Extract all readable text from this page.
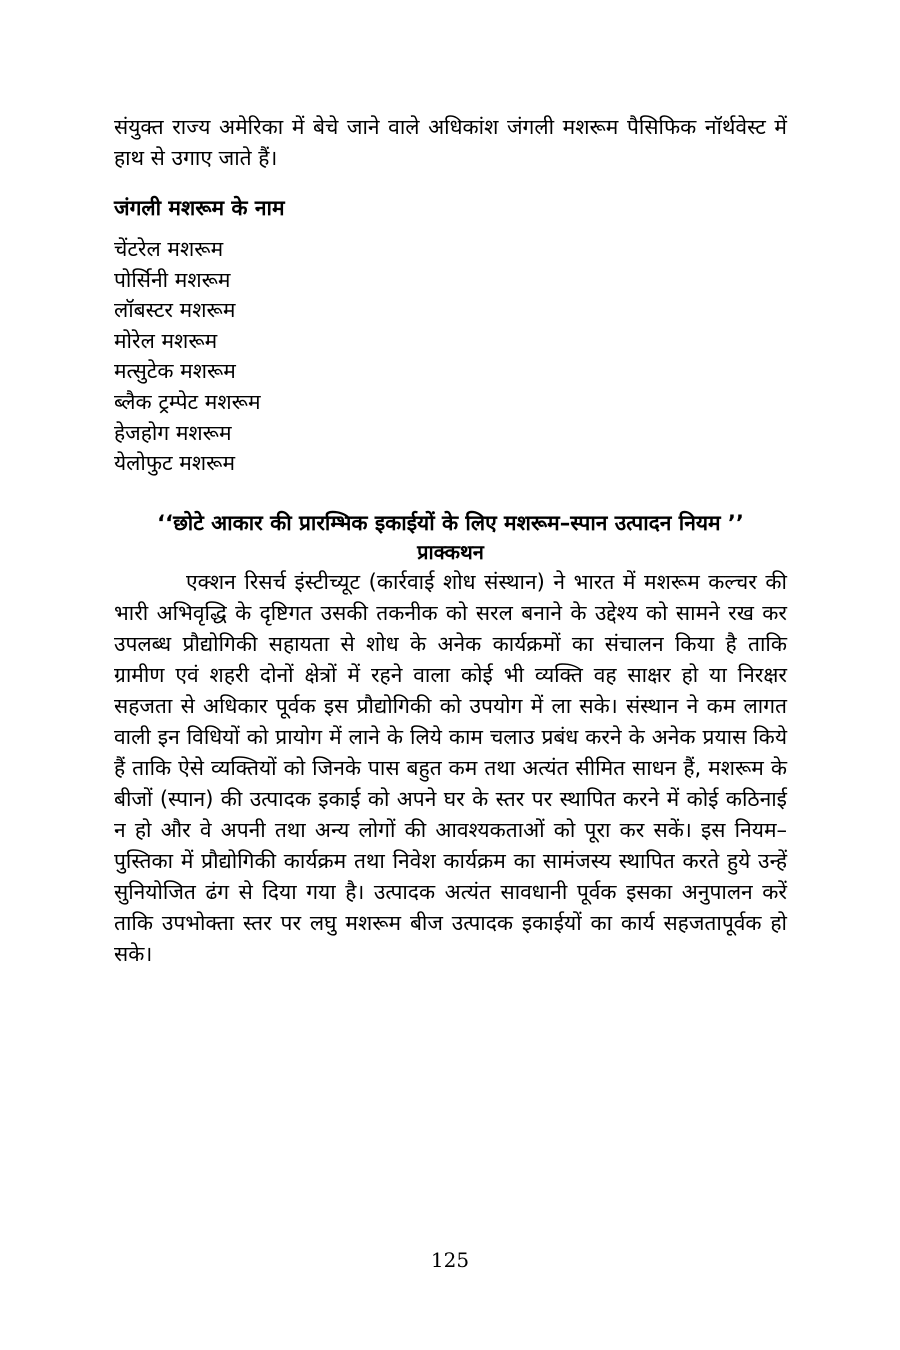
संयुक्त राज्य अमेरिका में बेचे जाने वाले अधिकांश जंगली मशरूम पैसिफिक नॉर्थवेस्ट में हाथ से उगाए जाते हैं।

जंगली मशरूम के नाम
चेंटरेल मशरूम
पोर्सिनी मशरूम
लॉबस्टर मशरूम
मोरेल मशरूम
मत्सुटेक मशरूम
ब्लैक ट्रम्पेट मशरूम
हेजहोग मशरूम
येलोफुट मशरूम
‘‘छोटे आकार की प्रारम्भिक इकाईयों के लिए मशरूम–स्पान उत्पादन नियम ’’
प्राक्कथन

एक्शन रिसर्च इंस्टीच्यूट (कार्रवाई शोध संस्थान) ने भारत में मशरूम कल्चर की भारी अभिवृद्धि के दृष्टिगत उसकी तकनीक को सरल बनाने के उद्देश्य को सामने रख कर उपलब्ध प्रौद्योगिकी सहायता से शोध के अनेक कार्यक्रमों का संचालन किया है ताकि ग्रामीण एवं शहरी दोनों क्षेत्रों में रहने वाला कोई भी व्यक्ति वह साक्षर हो या निरक्षर सहजता से अधिकार पूर्वक इस प्रौद्योगिकी को उपयोग में ला सके। संस्थान ने कम लागत वाली इन विधियों को प्रायोग में लाने के लिये काम चलाउ प्रबंध करने के अनेक प्रयास किये हैं ताकि ऐसे व्यक्तियों को जिनके पास बहुत कम तथा अत्यंत सीमित साधन हैं, मशरूम के बीजों (स्पान) की उत्पादक इकाई को अपने घर के स्तर पर स्थापित करने में कोई कठिनाई न हो और वे अपनी तथा अन्य लोगों की आवश्यकताओं को पूरा कर सकें। इस नियम–पुस्तिका में प्रौद्योगिकी कार्यक्रम तथा निवेश कार्यक्रम का सामंजस्य स्थापित करते हुये उन्हें सुनियोजित ढंग से दिया गया है। उत्पादक अत्यंत सावधानी पूर्वक इसका अनुपालन करें ताकि उपभोक्ता स्तर पर लघु मशरूम बीज उत्पादक इकाईयों का कार्य सहजतापूर्वक हो सके।

125
